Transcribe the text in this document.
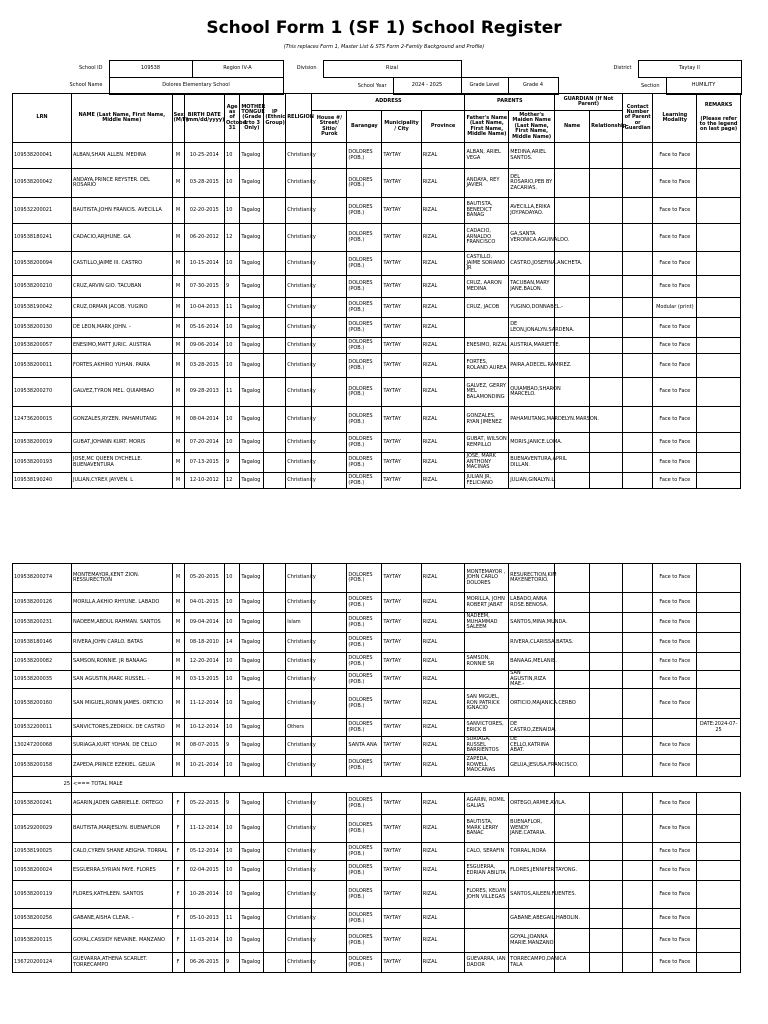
School Form 1 (SF 1) School Register
(This replaces Form 1, Master List & STS Form 2-Family Background and Profile)
School ID	109538	Region IV-A	Division	Rizal				District		Taytay II	
School Name	Dolores Elementary School		School Year		2024 - 2025	Grade Level	Grade 4		Section		HUMILITY
LRN	NAME (Last Name, First Name, Middle Name)	Sex (M/F)	BIRTH DATE (mm/dd/yyyy)	Age as of October 31	MOTHER TONGUE (Grade 1 to 3 Only)	IP (Ethnic Group)	RELIGION	ADDRESS				PARENTS		GUARDIAN (If Not Parent)		Contact Number of Parent or Guardian	Learning Modality	REMARKS
(Please refer to the legend on last page)

								House #/ Street/ Sitio/ Purok	Barangay	Municipality / City	Province	Father's Name (Last Name, First Name, Middle Name)	Mother's Maiden Name (Last Name, First Name, Middle Name)	Name	Relationship			
109538200041	ALBAN,SHAN ALLEN. MEDINA	M	10-25-2014	10	Tagalog		Christianity		DOLORES (POB.)	TAYTAY	RIZAL	ALBAN, ARIEL VEGA	MEDINA,ARIEL SANTOS.				Face to Face	
109538200042	ANDAYA,PRINCE REYSTER. DEL ROSARIO	M	03-28-2015	10	Tagalog		Christianity		DOLORES (POB.)	TAYTAY	RIZAL	ANDAYA, REY JAVIER	DEL ROSARIO,PEB BY ZACARIAS.				Face to Face	
109532200021	BAUTISTA,JOHN FRANCIS. AVECILLA	M	02-20-2015	10	Tagalog		Christianity		DOLORES (POB.)	TAYTAY	RIZAL	BAUTISTA, BENEDICT BANAG	AVECILLA,ERIKA JOY.PADAYAO.				Face to Face	
109538180241	CADACIO,ARJHUNE. GA	M	06-20-2012	12	Tagalog		Christianity		DOLORES (POB.)	TAYTAY	RIZAL	CADACIO, ARNALDO FRANCISCO	GA,SANTA VERONICA.AGUINALDO.				Face to Face	
109538200094	CASTILLO,JAIME III. CASTRO	M	10-15-2014	10	Tagalog		Christianity		DOLORES (POB.)	TAYTAY	RIZAL	CASTILLO, JAIME SORIANO JR	CASTRO,JOSEFINA.ANCHETA.				Face to Face	
109538200210	CRUZ,ARVIN GIO. TACUBAN	M	07-30-2015	9	Tagalog		Christianity		DOLORES (POB.)	TAYTAY	RIZAL	CRUZ, AARON MEDINA	TACUBAN,MARY JANE.BALON.				Face to Face	
109538190042	CRUZ,ORMAN JACOB. YUGINO	M	10-04-2013	11	Tagalog		Christianity		DOLORES (POB.)	TAYTAY	RIZAL	CRUZ, JACOB	YUGINO,DONNABEL.-				Modular (print)	
109538200130	DE LEON,MARK JOHN. -	M	05-16-2014	10	Tagalog		Christianity		DOLORES (POB.)	TAYTAY	RIZAL		DE LEON,JONALYN.SARDENA.				Face to Face	
109538200057	ENESIMO,MATT JURIC. AUSTRIA	M	09-06-2014	10	Tagalog		Christianity		DOLORES (POB.)	TAYTAY	RIZAL	ENESIMO, RIZAL	AUSTRIA,MARIETTE.				Face to Face	
109538200011	FORTES,AKHIRO YUHAN. PAIRA	M	03-28-2015	10	Tagalog		Christianity		DOLORES (POB.)	TAYTAY	RIZAL	FORTES, ROLAND AUREA	PAIRA,ADECEL.RAMIREZ.				Face to Face	
109538200270	GALVEZ,TYRON MEL. QUIAMBAO	M	09-28-2013	11	Tagalog		Christianity		DOLORES (POB.)	TAYTAY	RIZAL	GALVEZ, GERRY MEL BALAMONDING	QUIAMBAO,SHARON MARCELO.				Face to Face	
124736200015	GONZALES,RYZEN. PAHAMUTANG	M	08-04-2014	10	Tagalog		Christianity		DOLORES (POB.)	TAYTAY	RIZAL	GONZALES, RYAN JIMENEZ	PAHAMUTANG,MARDELYN.MARSON.				Face to Face	
109538200019	GUBAT,JOHANN KURT. MORIS	M	07-20-2014	10	Tagalog		Christianity		DOLORES (POB.)	TAYTAY	RIZAL	GUBAT, WILSON REMPILLO	MORIS,JANICE.LOMA.				Face to Face	
109538200193	JOSE,MC QUEEN DYCHELLE. BUENAVENTURA	M	07-13-2015	9	Tagalog		Christianity		DOLORES (POB.)	TAYTAY	RIZAL	JOSE, MARK ANTHONY MACINAS	BUENAVENTURA,APRIL DILLAN.				Face to Face	
109538190240	JULIAN,CYREX JAYVEN. L	M	12-10-2012	12	Tagalog		Christianity		DOLORES (POB.)	TAYTAY	RIZAL	JULIAN JR, FELICIANO	JULIAN,GINALYN.L.				Face to Face	
109538200274	MONTEMAYOR,KENT ZION. RESSURECTION	M	05-20-2015	10	Tagalog		Christianity		DOLORES (POB.)	TAYTAY	RIZAL	MONTEMAYOR , JOHN CARLO DOLORES	RESURECTION,KIM MAY.ENETORIO.				Face to Face	
109538200126	MORILLA,AKHIO RHYUNE. LABADO	M	04-01-2015	10	Tagalog		Christianity		DOLORES (POB.)	TAYTAY	RIZAL	MORILLA, JOHN ROBERT JABAT	LABADO,ANNA ROSE.BENOSA.				Face to Face	
109538200231	NADEEM,ABDUL RAHMAN. SANTOS	M	09-04-2014	10	Tagalog		Islam		DOLORES (POB.)	TAYTAY	RIZAL	NADEEM, MUHAMMAD SALEEM	SANTOS,MINA.MUNDA.				Face to Face	
109538180146	RIVERA,JOHN CARLO. BATAS	M	08-18-2010	14	Tagalog		Christianity		DOLORES (POB.)	TAYTAY	RIZAL		RIVERA,CLARISSA.BATAS.				Face to Face	
109538200082	SAMSON,RONNIE. JR BANAAG	M	12-20-2014	10	Tagalog		Christianity		DOLORES (POB.)	TAYTAY	RIZAL	SAMSON, RONNIE SR	BANAAG,MELANIE.				Face to Face	
109538200035	SAN AGUSTIN,MARC RUSSEL. -	M	03-13-2015	10	Tagalog		Christianity		DOLORES (POB.)	TAYTAY	RIZAL		SAN AGUSTIN,RIZA MAE.-				Face to Face	
109538200160	SAN MIGUEL,RONIN JAMES. ORTICIO	M	11-12-2014	10	Tagalog		Christianity		DOLORES (POB.)	TAYTAY	RIZAL	SAN MIGUEL, RON PATRICK IGNACIO	ORTICIO,MAJANICA.CERBO				Face to Face	
109532200011	SANVICTORES,ZEDRICK. DE CASTRO	M	10-12-2014	10	Tagalog		Others		DOLORES (POB.)	TAYTAY	RIZAL	SANVICTORES, ERICK B	DE CASTRO,ZENAIDA.					DATE:2024-07-25
130247200068	SURIAGA,KURT YOHAN. DE CELLO	M	08-07-2015	9	Tagalog		Christianity		SANTA ANA	TAYTAY	RIZAL	SURIAGA, RUSSEL BARRIENTOS	DE CELLO,KATRINA ABAT.				Face to Face	
109538200158	ZAPEDA,PRINCE EZEKIEL. GELUA	M	10-21-2014	10	Tagalog		Christianity		DOLORES (POB.)	TAYTAY	RIZAL	ZAPEDA, ROWELL MADCANAS	GELUA,JESUSA.FRANCISCO.				Face to Face	
25	<=== TOTAL MALE																	
109538200241	AGARIN,JADEN GABRIELLE. ORTEGO	F	05-22-2015	9	Tagalog		Christianity		DOLORES (POB.)	TAYTAY	RIZAL	AGARIN, ROMIL GALIAS	ORTEGO,ARMIE.AVILA.				Face to Face	
109529200029	BAUTISTA,MARJESLYN. BUENAFLOR	F	11-12-2014	10	Tagalog		Christianity		DOLORES (POB.)	TAYTAY	RIZAL	BAUTISTA, MARK LERRY BANAC	BUENAFLOR, WENDY JANE.CATARIA.				Face to Face	
109538190025	CALO,CYREN SHANE AEIGHA. TORRAL	F	05-12-2014	10	Tagalog		Christianity		DOLORES (POB.)	TAYTAY	RIZAL	CALO, SERAFIN	TORRAL,NORA				Face to Face	
109538200024	ESGUERRA,SYRIAN FAYE. FLORES	F	02-04-2015	10	Tagalog		Christianity		DOLORES (POB.)	TAYTAY	RIZAL	ESGUERRA, EDRIAN ABILITA	FLORES,JENNIFER.TAYONG.				Face to Face	
109538200119	FLORES,KATHLEEN. SANTOS	F	10-28-2014	10	Tagalog		Christianity		DOLORES (POB.)	TAYTAY	RIZAL	FLORES, KELVIN JOHN VILLEGAS	SANTOS,AILEEN.FUENTES.				Face to Face	
109538200256	GABANE,AISHA CLEAR. -	F	05-10-2013	11	Tagalog		Christianity		DOLORES (POB.)	TAYTAY	RIZAL		GABANE,ABEGAIL.HABOLIN.				Face to Face	
109538200115	GOYAL,CASSIDY NEVAINE. MANZANO	F	11-03-2014	10	Tagalog		Christianity		DOLORES (POB.)	TAYTAY	RIZAL		GOYAL,JOANNA MARIE.MANZANO.				Face to Face	
136720200124	GUEVARRA,ATHENA SCARLET. TORRECAMPO	F	06-26-2015	9	Tagalog		Christianity		DOLORES (POB.)	TAYTAY	RIZAL	GUEVARRA, IAN DADOR	TORRECAMPO,DANICA TALA				Face to Face	
